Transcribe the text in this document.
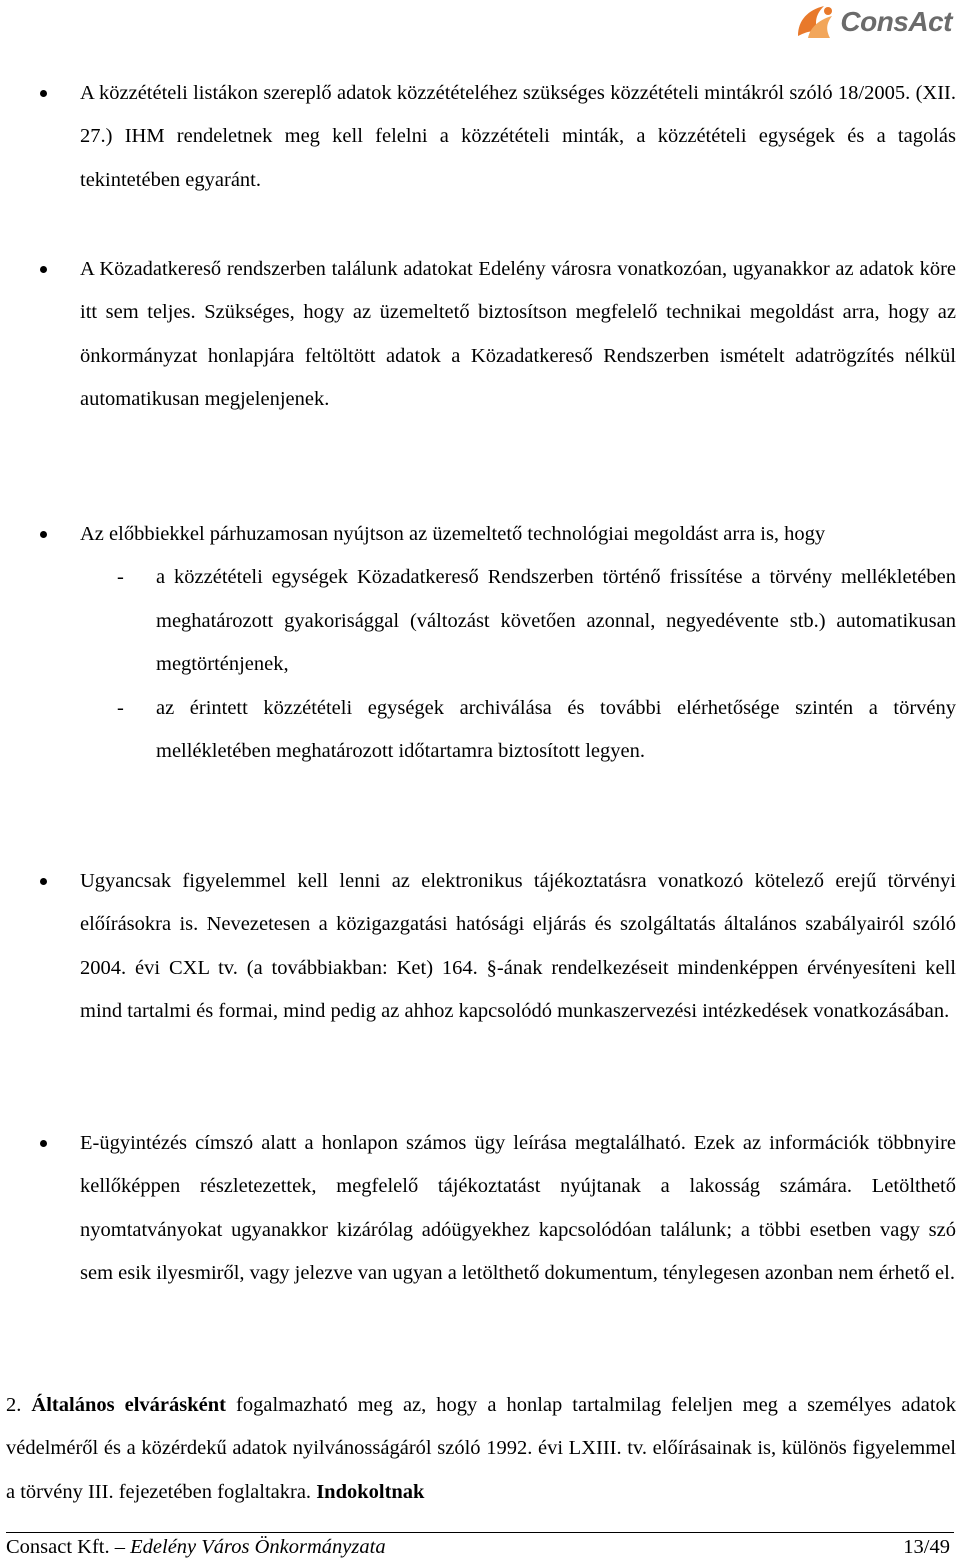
ConsAct

A közzétételi listákon szereplő adatok közzétételéhez szükséges közzétételi mintákról szóló 18/2005. (XII. 27.) IHM rendeletnek meg kell felelni a közzétételi minták, a közzétételi egységek és a tagolás tekintetében egyaránt.

A Közadatkereső rendszerben találunk adatokat Edelény városra vonatkozóan, ugyanakkor az adatok köre itt sem teljes. Szükséges, hogy az üzemeltető biztosítson megfelelő technikai megoldást arra, hogy az önkormányzat honlapjára feltöltött adatok a Közadatkereső Rendszerben ismételt adatrögzítés nélkül automatikusan megjelenjenek.

Az előbbiekkel párhuzamosan nyújtson az üzemeltető technológiai megoldást arra is, hogy

- a közzétételi egységek Közadatkereső Rendszerben történő frissítése a törvény mellékletében meghatározott gyakorisággal (változást követően azonnal, negyedévente stb.) automatikusan megtörténjenek,
- az érintett közzétételi egységek archiválása és további elérhetősége szintén a törvény mellékletében meghatározott időtartamra biztosított legyen.

Ugyancsak figyelemmel kell lenni az elektronikus tájékoztatásra vonatkozó kötelező erejű törvényi előírásokra is. Nevezetesen a közigazgatási hatósági eljárás és szolgáltatás általános szabályairól szóló 2004. évi CXL tv. (a továbbiakban: Ket) 164. §-ának rendelkezéseit mindenképpen érvényesíteni kell mind tartalmi és formai, mind pedig az ahhoz kapcsolódó munkaszervezési intézkedések vonatkozásában.

E-ügyintézés címszó alatt a honlapon számos ügy leírása megtalálható. Ezek az információk többnyire kellőképpen részletezettek, megfelelő tájékoztatást nyújtanak a lakosság számára. Letölthető nyomtatványokat ugyanakkor kizárólag adóügyekhez kapcsolódóan találunk; a többi esetben vagy szó sem esik ilyesmiről, vagy jelezve van ugyan a letölthető dokumentum, ténylegesen azonban nem érhető el.

2. Általános elvárásként fogalmazható meg az, hogy a honlap tartalmilag feleljen meg a személyes adatok védelméről és a közérdekű adatok nyilvánosságáról szóló 1992. évi LXIII. tv. előírásainak is, különös figyelemmel a törvény III. fejezetében foglaltakra. Indokoltnak
Consact Kft. – Edelény Város Önkormányzata	13/49
